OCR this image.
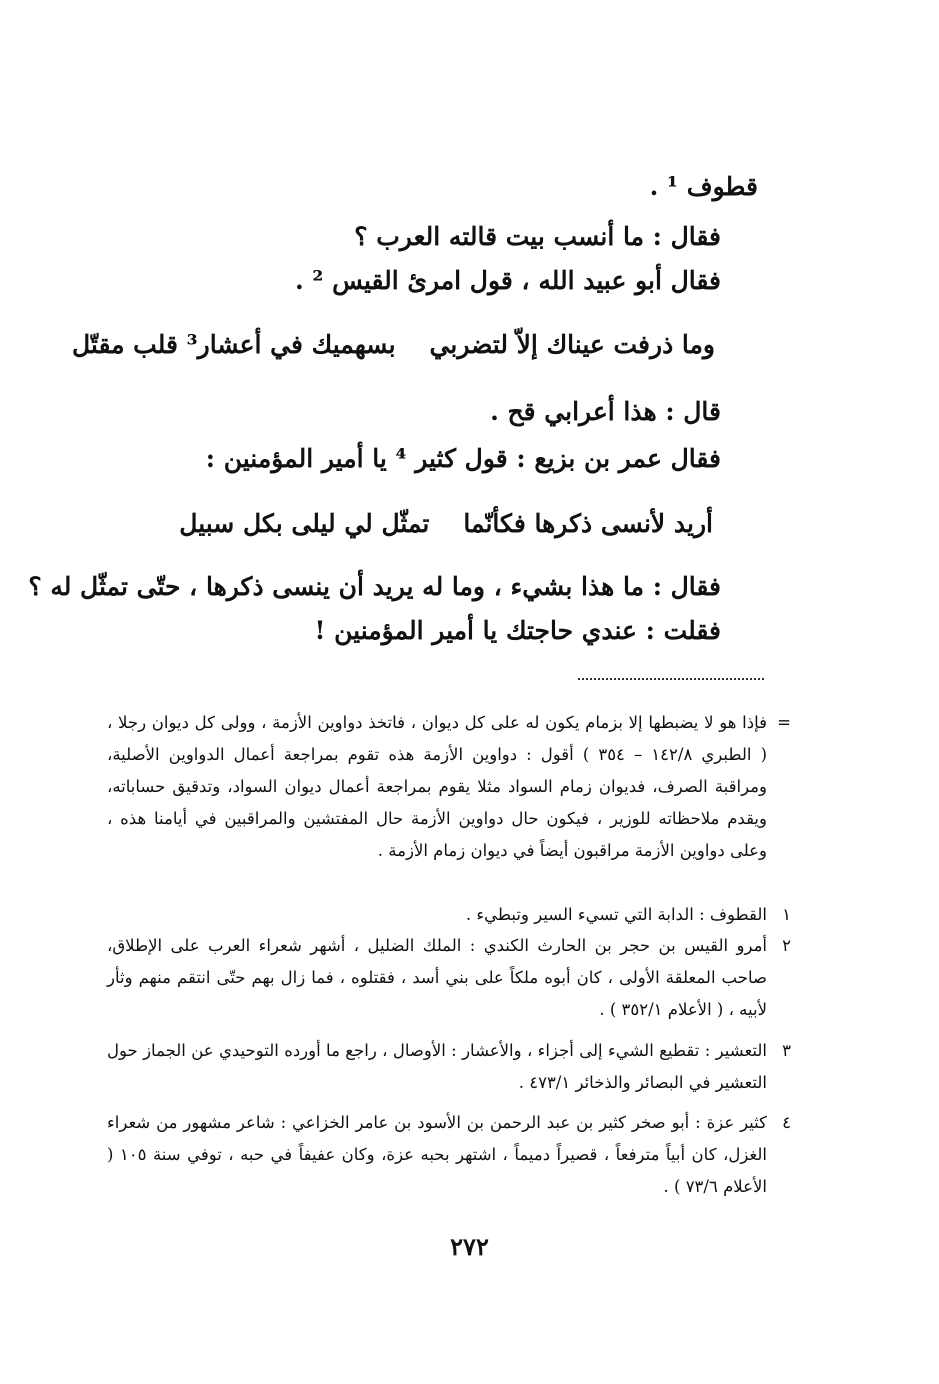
قطوف ¹ .
فقال : ما أنسب بيت قالته العرب ؟
فقال أبو عبيد الله ، قول امرئ القيس ² .
وما ذرفت عيناك إلاّ لتضربي
بسهميك في أعشار³ قلب مقتّل
قال : هذا أعرابي قح .
فقال عمر بن بزيع : قول كثير ⁴ يا أمير المؤمنين :
أريد لأنسى ذكرها فكأنّما
تمثّل لي ليلى بكل سبيل
فقال : ما هذا بشيء ، وما له يريد أن ينسى ذكرها ، حتّى تمثّل له ؟
فقلت : عندي حاجتك يا أمير المؤمنين !
=
فإذا هو لا يضبطها إلا بزمام يكون له على كل ديوان ، فاتخذ دواوين الأزمة ، وولى كل ديوان رجلا ، ( الطبري ١٤٢/٨ – ٣٥٤ ) أقول : دواوين الأزمة هذه تقوم بمراجعة أعمال الدواوين الأصلية، ومراقبة الصرف، فديوان زمام السواد مثلا يقوم بمراجعة أعمال ديوان السواد، وتدقيق حساباته، ويقدم ملاحظاته للوزير ، فيكون حال دواوين الأزمة حال المفتشين والمراقبين في أيامنا هذه ، وعلى دواوين الأزمة مراقبون أيضاً في ديوان زمام الأزمة .
١
القطوف : الدابة التي تسيء السير وتبطيء .
٢
أمرو القيس بن حجر بن الحارث الكندي : الملك الضليل ، أشهر شعراء العرب على الإطلاق، صاحب المعلقة الأولى ، كان أبوه ملكاً على بني أسد ، فقتلوه ، فما زال بهم حتّى انتقم منهم وثأر لأبيه ، ( الأعلام ٣٥٢/١ ) .
٣
التعشير : تقطيع الشيء إلى أجزاء ، والأعشار : الأوصال ، راجع ما أورده التوحيدي عن الجماز حول التعشير في البصائر والذخائر ٤٧٣/١ .
٤
كثير عزة : أبو صخر كثير بن عبد الرحمن بن الأسود بن عامر الخزاعي : شاعر مشهور من شعراء الغزل، كان أبياً مترفعاً ، قصيراً دميماً ، اشتهر بحبه عزة، وكان عفيفاً في حبه ، توفي سنة ١٠٥ ( الأعلام ٧٣/٦ ) .
٢٧٢
